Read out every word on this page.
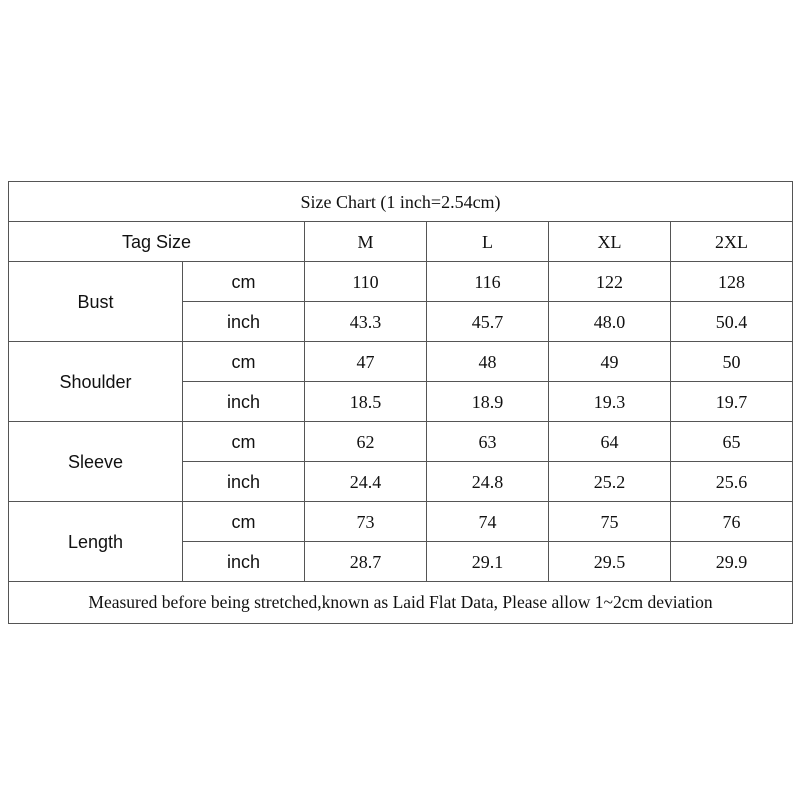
Size Chart (1 inch=2.54cm)					
Tag Size		M	L	XL	2XL
Bust	cm	110	116	122	128
	inch	43.3	45.7	48.0	50.4
Shoulder	cm	47	48	49	50
	inch	18.5	18.9	19.3	19.7
Sleeve	cm	62	63	64	65
	inch	24.4	24.8	25.2	25.6
Length	cm	73	74	75	76
	inch	28.7	29.1	29.5	29.9
Measured before being stretched,known as Laid Flat Data, Please allow 1~2cm deviation					
